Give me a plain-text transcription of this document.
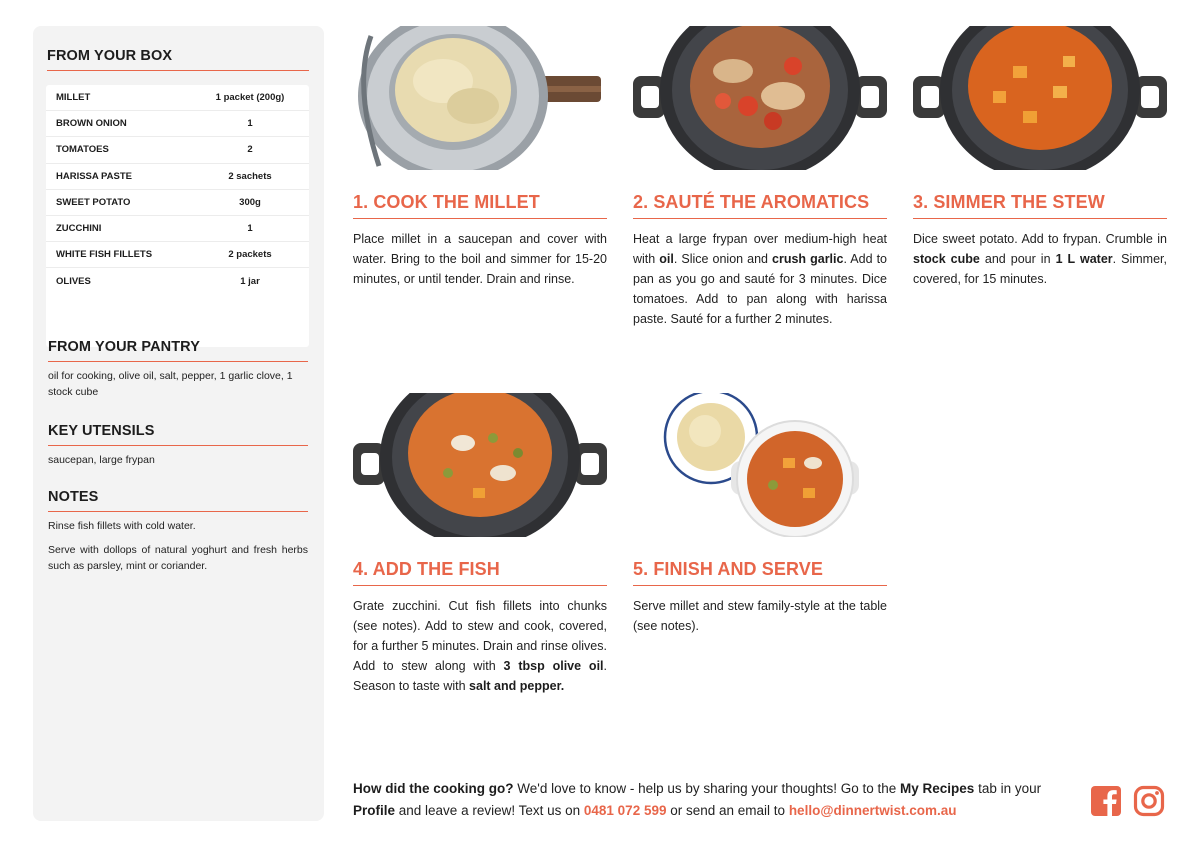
FROM YOUR BOX
MILLET	1 packet (200g)
BROWN ONION	1
TOMATOES	2
HARISSA PASTE	2 sachets
SWEET POTATO	300g
ZUCCHINI	1
WHITE FISH FILLETS	2 packets
OLIVES	1 jar
FROM YOUR PANTRY
oil for cooking, olive oil, salt, pepper, 1 garlic clove, 1 stock cube
KEY UTENSILS
saucepan, large frypan
NOTES

Rinse fish fillets with cold water.

Serve with dollops of natural yoghurt and fresh herbs such as parsley, mint or coriander.

1. COOK THE MILLET
Place millet in a saucepan and cover with water. Bring to the boil and simmer for 15-20 minutes, or until tender. Drain and rinse.
2. SAUTÉ THE AROMATICS
Heat a large frypan over medium-high heat with oil. Slice onion and crush garlic. Add to pan as you go and sauté for 3 minutes. Dice tomatoes. Add to pan along with harissa paste. Sauté for a further 2 minutes.
3. SIMMER THE STEW
Dice sweet potato. Add to frypan. Crumble in stock cube and pour in 1 L water. Simmer, covered, for 15 minutes.
4. ADD THE FISH
Grate zucchini. Cut fish fillets into chunks (see notes). Add to stew and cook, covered, for a further 5 minutes. Drain and rinse olives. Add to stew along with 3 tbsp olive oil. Season to taste with salt and pepper.
5. FINISH AND SERVE
Serve millet and stew family-style at the table (see notes).
How did the cooking go? We'd love to know - help us by sharing your thoughts! Go to the My Recipes tab in your Profile and leave a review! Text us on 0481 072 599 or send an email to hello@dinnertwist.com.au
